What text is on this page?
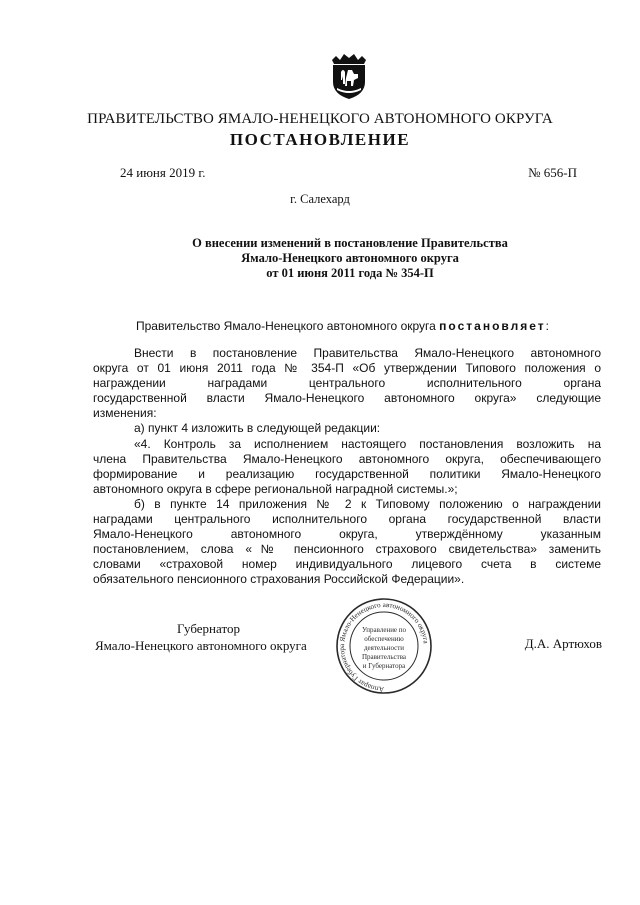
ПРАВИТЕЛЬСТВО ЯМАЛО-НЕНЕЦКОГО АВТОНОМНОГО ОКРУГА
ПОСТАНОВЛЕНИЕ
24 июня 2019 г.	№ 656-П
г. Салехард
О внесении изменений в постановление Правительства
Ямало-Ненецкого автономного округа
от 01 июня 2011 года № 354-П
Правительство Ямало-Ненецкого автономного округа постановляет:
Внести в постановление Правительства Ямало-Ненецкого автономного
округа от 01 июня 2011 года № 354-П «Об утверждении Типового положения о
награждении наградами центрального исполнительного органа
государственной власти Ямало-Ненецкого автономного округа» следующие
изменения:
а) пункт 4 изложить в следующей редакции:
«4. Контроль за исполнением настоящего постановления возложить на
члена Правительства Ямало-Ненецкого автономного округа, обеспечивающего
формирование и реализацию государственной политики Ямало-Ненецкого
автономного округа в сфере региональной наградной системы.»;
б) в пункте 14 приложения № 2 к Типовому положению о награждении
наградами центрального исполнительного органа государственной власти
Ямало-Ненецкого автономного округа, утверждённому указанным
постановлением, слова «№ пенсионного страхового свидетельства» заменить
словами «страховой номер индивидуального лицевого счета в системе
обязательного пенсионного страхования Российской Федерации».
Губернатор
Ямало-Ненецкого автономного округа	Д.А. Артюхов
Аппарат Губернатора Ямало-Ненецкого автономного округа
Управление по
обеспечению
деятельности
Правительства
и Губернатора
